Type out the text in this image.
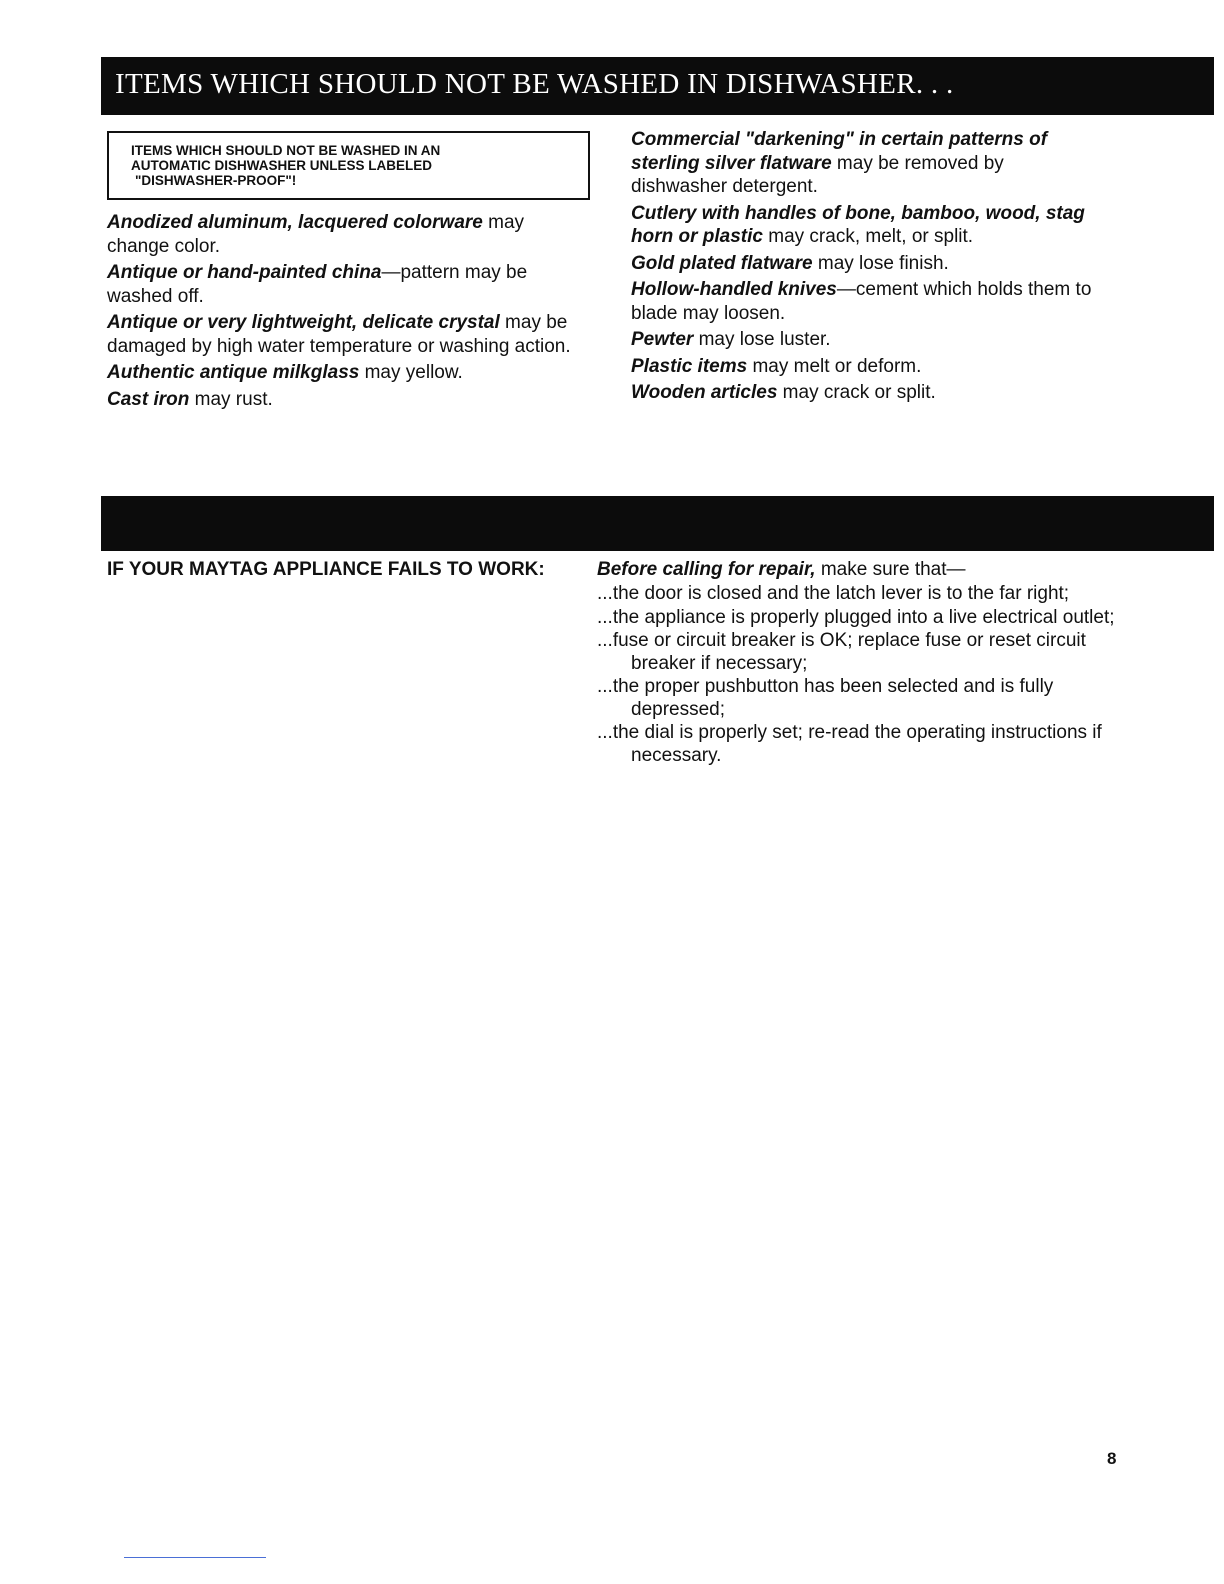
ITEMS WHICH SHOULD NOT BE WASHED IN DISHWASHER. . .
ITEMS WHICH SHOULD NOT BE WASHED IN AN
AUTOMATIC DISHWASHER UNLESS LABELED
"DISHWASHER-PROOF"!
Anodized aluminum, lacquered colorware may change color.
Antique or hand-painted china—pattern may be washed off.
Antique or very lightweight, delicate crystal may be damaged by high water temperature or washing action.
Authentic antique milkglass may yellow.
Cast iron may rust.
Commercial "darkening" in certain patterns of sterling silver flatware may be removed by dishwasher detergent.
Cutlery with handles of bone, bamboo, wood, stag horn or plastic may crack, melt, or split.
Gold plated flatware may lose finish.
Hollow-handled knives—cement which holds them to blade may loosen.
Pewter may lose luster.
Plastic items may melt or deform.
Wooden articles may crack or split.
IF YOUR MAYTAG APPLIANCE FAILS TO WORK:	Before calling for repair, make sure that—
...the door is closed and the latch lever is to the far right;
...the appliance is properly plugged into a live electrical outlet;
...fuse or circuit breaker is OK; replace fuse or reset circuit breaker if necessary;
...the proper pushbutton has been selected and is fully depressed;
...the dial is properly set; re-read the operating instructions if necessary.
8
